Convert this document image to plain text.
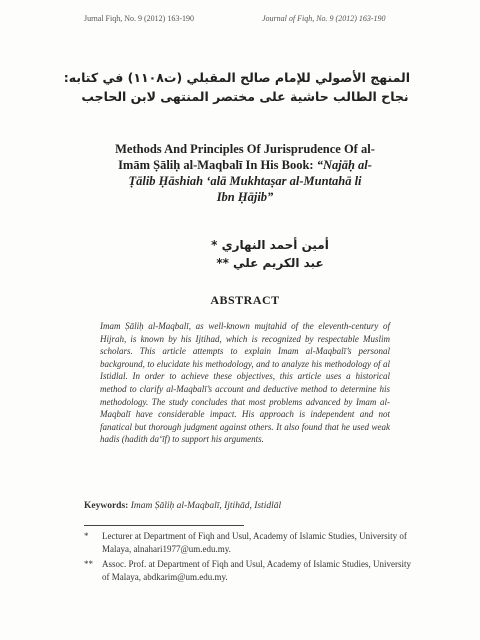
Jurnal Fiqh, No. 9 (2012) 163-190	Journal of Fiqh, No. 9 (2012) 163-190
المنهج الأصولي للإمام صالح المقبلي (ت١١٠٨) في كتابه:
نجاح الطالب حاشية على مختصر المنتهى لابن الحاجب
Methods And Principles Of Jurisprudence Of al-
Imām Ṣāliḥ al-Maqbalī In His Book: “Najāḥ al-
Ṭālib Ḥāshiah ‘alā Mukhtaṣar al-Muntahā li
Ibn Ḥājib”
أمين أحمد النهاري *
عبد الكريم علي **
ABSTRACT

Imam Ṣāliḥ al-Maqbalī, as well-known mujtahid of the eleventh-century of Hijrah, is known by his Ijtihad, which is recognized by respectable Muslim scholars. This article attempts to explain Imam al-Maqbalī’s personal background, to elucidate his methodology, and to analyze his methodology of al Istidlal. In order to achieve these objectives, this article uses a historical method to clarify al-Maqbalī’s account and deductive method to determine his methodology. The study concludes that most problems advanced by Imam al-Maqbalī have considerable impact. His approach is independent and not fanatical but thorough judgment against others. It also found that he used weak hadis (hadith da‘īf) to support his arguments.

Keywords: Imam Ṣāliḥ al-Maqbalī, Ijtihād, Istidlāl
* Lecturer at Department of Fiqh and Usul, Academy of Islamic Studies, University of Malaya, alnahari1977@um.edu.my.
** Assoc. Prof. at Department of Fiqh and Usul, Academy of Islamic Studies, University of Malaya, abdkarim@um.edu.my.
